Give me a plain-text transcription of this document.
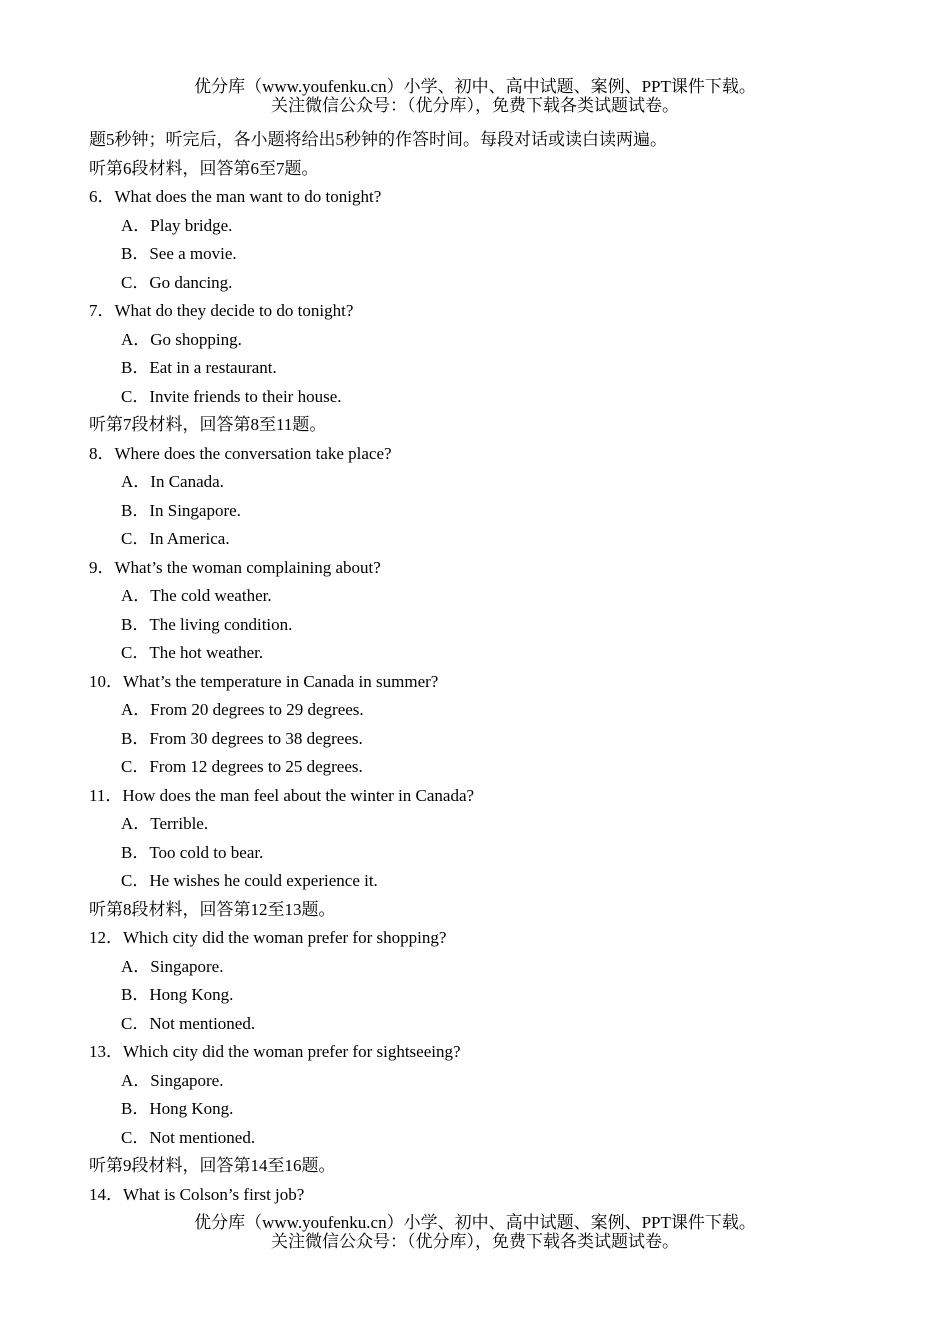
优分库（www.youfenku.cn）小学、初中、高中试题、案例、PPT课件下载。
关注微信公众号：（优分库），免费下载各类试题试卷。
题5秒钟；听完后，各小题将给出5秒钟的作答时间。每段对话或读白读两遍。
听第6段材料，回答第6至7题。
6．What does the man want to do tonight?
A．Play bridge.
B．See a movie.
C．Go dancing.
7．What do they decide to do tonight?
A．Go shopping.
B．Eat in a restaurant.
C．Invite friends to their house.
听第7段材料，回答第8至11题。
8．Where does the conversation take place?
A．In Canada.
B．In Singapore.
C．In America.
9．What’s the woman complaining about?
A．The cold weather.
B．The living condition.
C．The hot weather.
10．What’s the temperature in Canada in summer?
A．From 20 degrees to 29 degrees.
B．From 30 degrees to 38 degrees.
C．From 12 degrees to 25 degrees.
11．How does the man feel about the winter in Canada?
A．Terrible.
B．Too cold to bear.
C．He wishes he could experience it.
听第8段材料，回答第12至13题。
12．Which city did the woman prefer for shopping?
A．Singapore.
B．Hong Kong.
C．Not mentioned.
13．Which city did the woman prefer for sightseeing?
A．Singapore.
B．Hong Kong.
C．Not mentioned.
听第9段材料，回答第14至16题。
14．What is Colson’s first job?
优分库（www.youfenku.cn）小学、初中、高中试题、案例、PPT课件下载。
关注微信公众号：（优分库），免费下载各类试题试卷。
